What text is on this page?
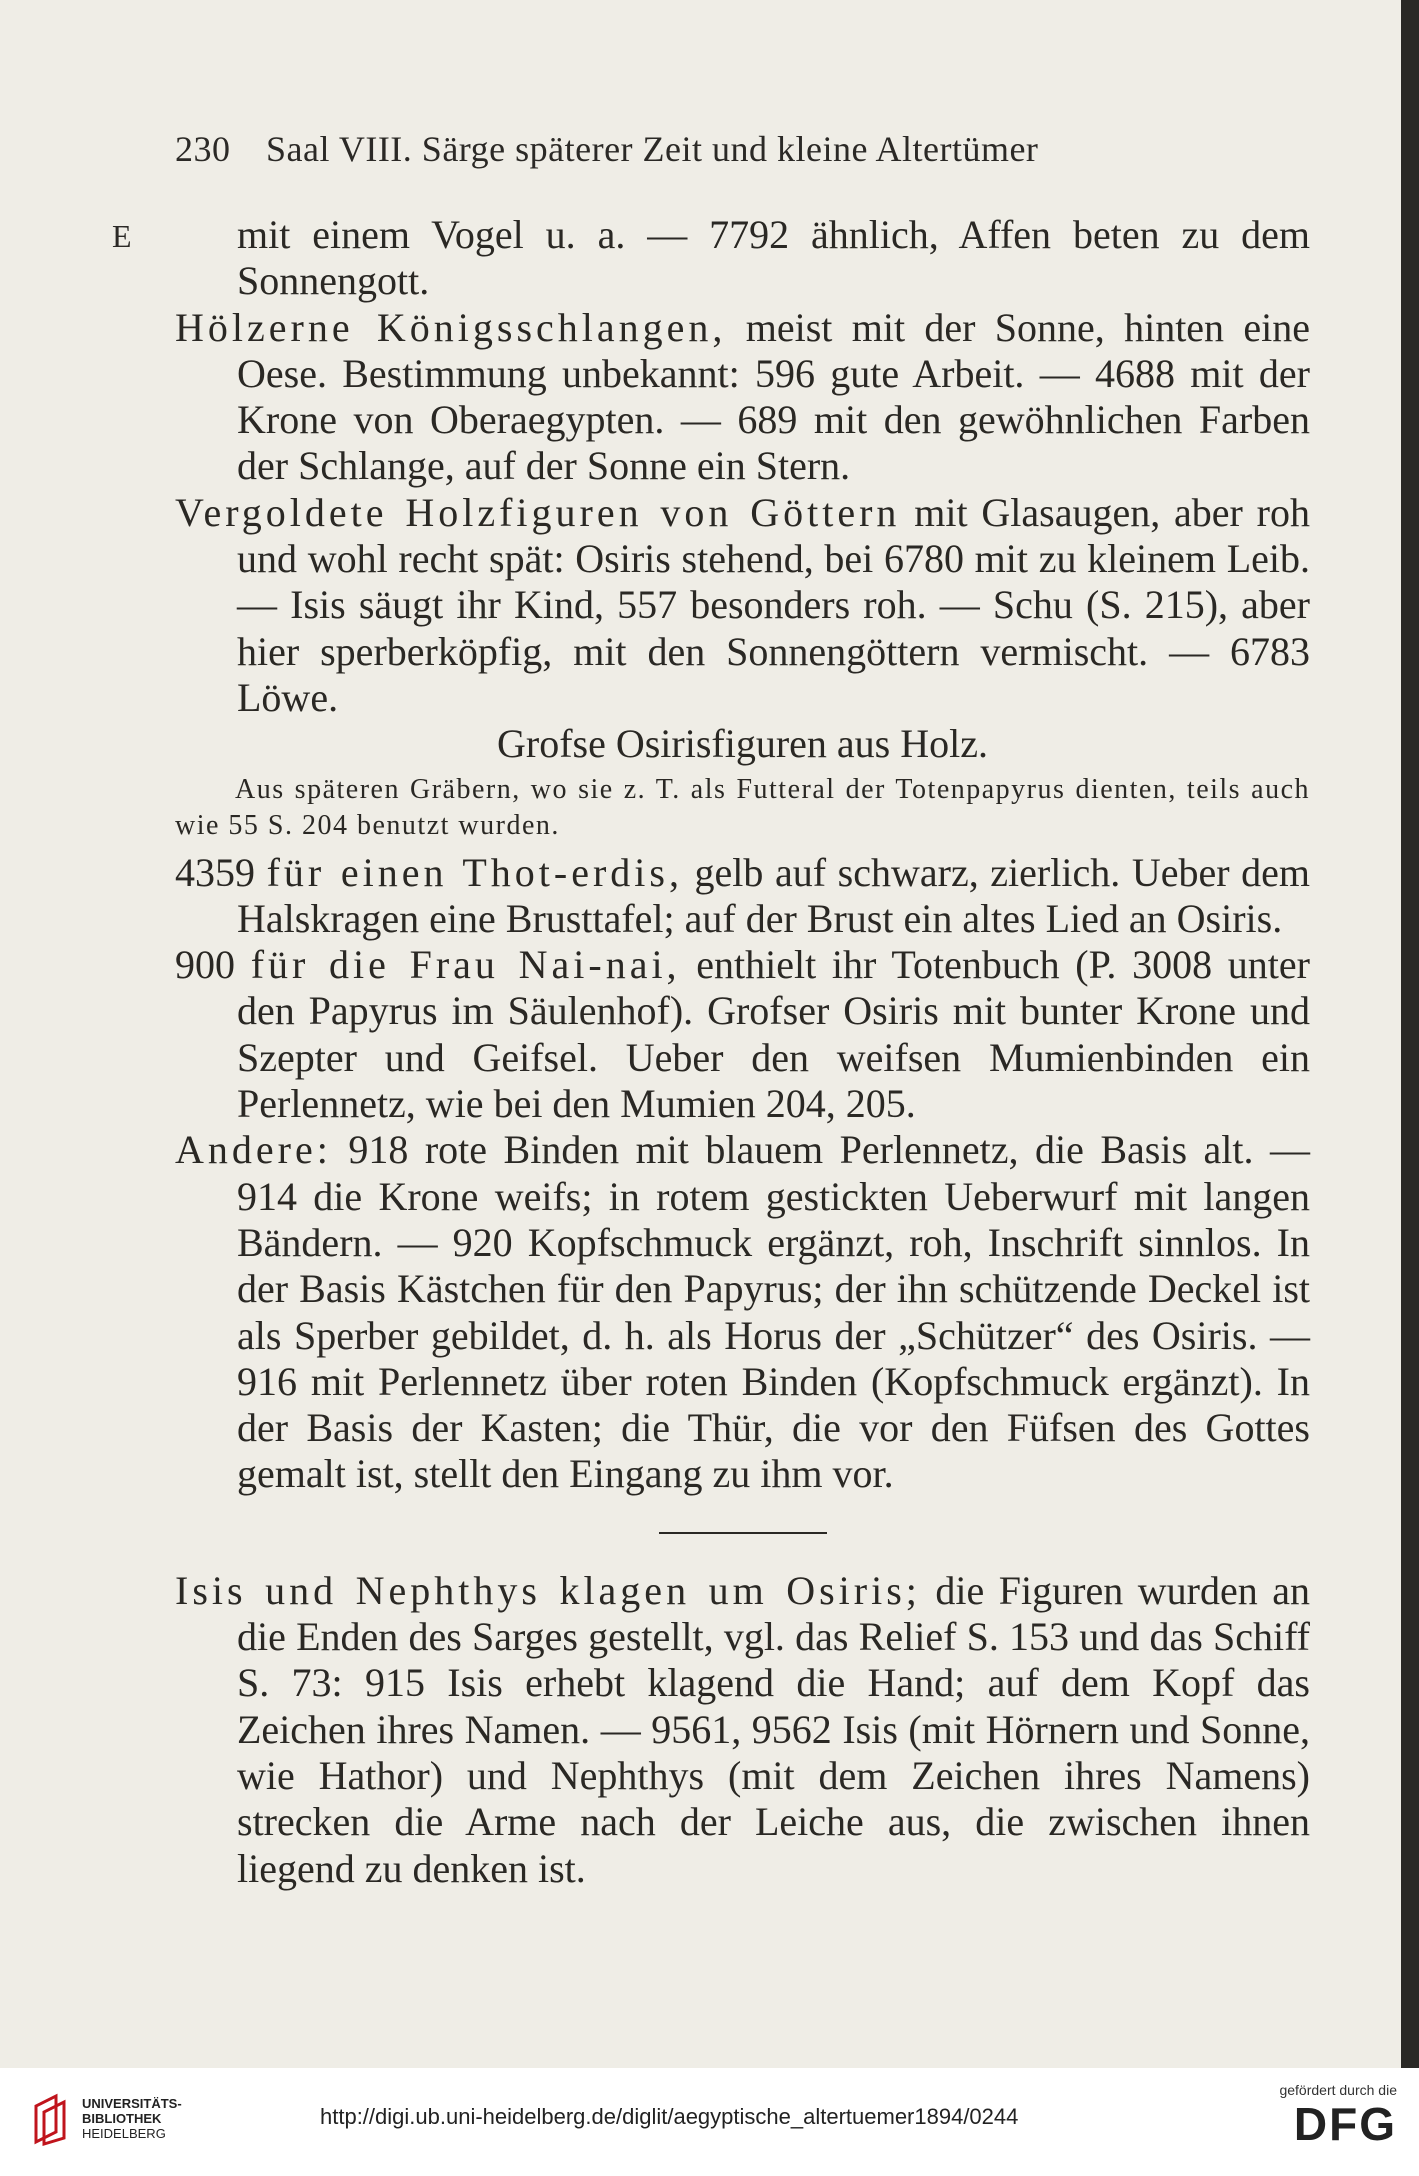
230 Saal VIII. Särge späterer Zeit und kleine Altertümer
E	mit einem Vogel u. a. — 7792 ähnlich, Affen beten zu dem Sonnengott.

Hölzerne Königsschlangen, meist mit der Sonne, hinten eine Oese. Bestimmung unbekannt: 596 gute Arbeit. — 4688 mit der Krone von Oberaegypten. — 689 mit den gewöhnlichen Farben der Schlange, auf der Sonne ein Stern.

Vergoldete Holzfiguren von Göttern mit Glasaugen, aber roh und wohl recht spät: Osiris stehend, bei 6780 mit zu kleinem Leib. — Isis säugt ihr Kind, 557 besonders roh. — Schu (S. 215), aber hier sperberköpfig, mit den Sonnengöttern vermischt. — 6783 Löwe.

Grofse Osirisfiguren aus Holz.

Aus späteren Gräbern, wo sie z. T. als Futteral der Totenpapyrus dienten, teils auch wie 55 S. 204 benutzt wurden.

4359 für einen Thot-erdis, gelb auf schwarz, zierlich. Ueber dem Halskragen eine Brusttafel; auf der Brust ein altes Lied an Osiris.

900 für die Frau Nai-nai, enthielt ihr Totenbuch (P. 3008 unter den Papyrus im Säulenhof). Grofser Osiris mit bunter Krone und Szepter und Geifsel. Ueber den weifsen Mumienbinden ein Perlennetz, wie bei den Mumien 204, 205.

Andere: 918 rote Binden mit blauem Perlennetz, die Basis alt. — 914 die Krone weifs; in rotem gestickten Ueberwurf mit langen Bändern. — 920 Kopfschmuck ergänzt, roh, Inschrift sinnlos. In der Basis Kästchen für den Papyrus; der ihn schützende Deckel ist als Sperber gebildet, d. h. als Horus der „Schützer“ des Osiris. — 916 mit Perlennetz über roten Binden (Kopfschmuck ergänzt). In der Basis der Kasten; die Thür, die vor den Füfsen des Gottes gemalt ist, stellt den Eingang zu ihm vor.

Isis und Nephthys klagen um Osiris; die Figuren wurden an die Enden des Sarges gestellt, vgl. das Relief S. 153 und das Schiff S. 73: 915 Isis erhebt klagend die Hand; auf dem Kopf das Zeichen ihres Namen. — 9561, 9562 Isis (mit Hörnern und Sonne, wie Hathor) und Nephthys (mit dem Zeichen ihres Namens) strecken die Arme nach der Leiche aus, die zwischen ihnen liegend zu denken ist.

UNIVERSITÄTS-
BIBLIOTHEK
HEIDELBERG
http://digi.ub.uni-heidelberg.de/diglit/aegyptische_altertuemer1894/0244
gefördert durch die
DFG
